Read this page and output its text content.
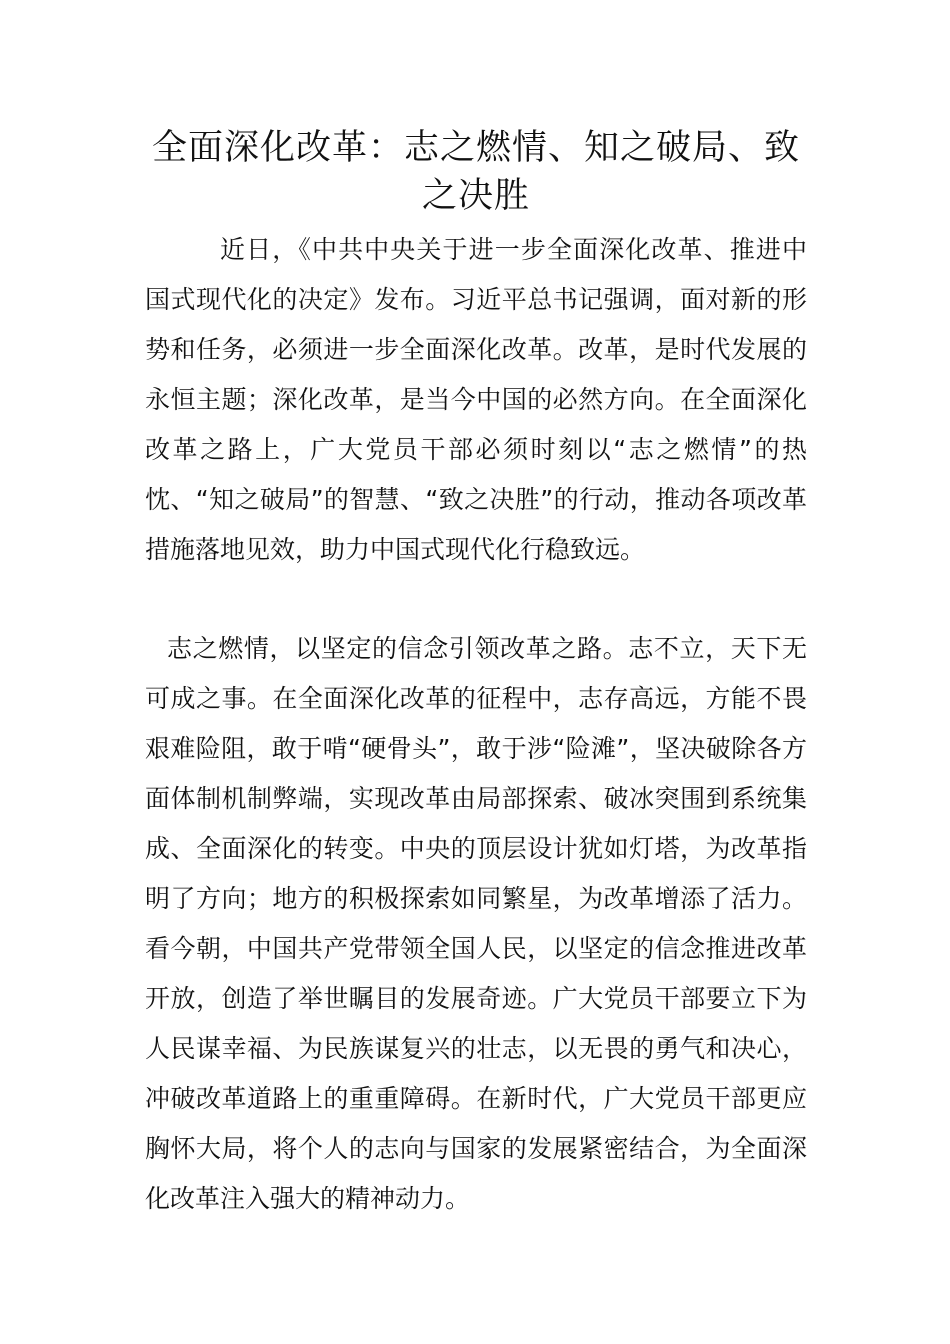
全面深化改革：志之燃情、知之破局、致之决胜

近日，《中共中央关于进一步全面深化改革、推进中国式现代化的决定》发布。习近平总书记强调，面对新的形势和任务，必须进一步全面深化改革。改革，是时代发展的永恒主题；深化改革，是当今中国的必然方向。在全面深化改革之路上，广大党员干部必须时刻以“志之燃情”的热忱、“知之破局”的智慧、“致之决胜”的行动，推动各项改革措施落地见效，助力中国式现代化行稳致远。

志之燃情，以坚定的信念引领改革之路。志不立，天下无可成之事。在全面深化改革的征程中，志存高远，方能不畏艰难险阻，敢于啃“硬骨头”，敢于涉“险滩”，坚决破除各方面体制机制弊端，实现改革由局部探索、破冰突围到系统集成、全面深化的转变。中央的顶层设计犹如灯塔，为改革指明了方向；地方的积极探索如同繁星，为改革增添了活力。看今朝，中国共产党带领全国人民，以坚定的信念推进改革开放，创造了举世瞩目的发展奇迹。广大党员干部要立下为人民谋幸福、为民族谋复兴的壮志，以无畏的勇气和决心，冲破改革道路上的重重障碍。在新时代，广大党员干部更应胸怀大局，将个人的志向与国家的发展紧密结合，为全面深化改革注入强大的精神动力。
